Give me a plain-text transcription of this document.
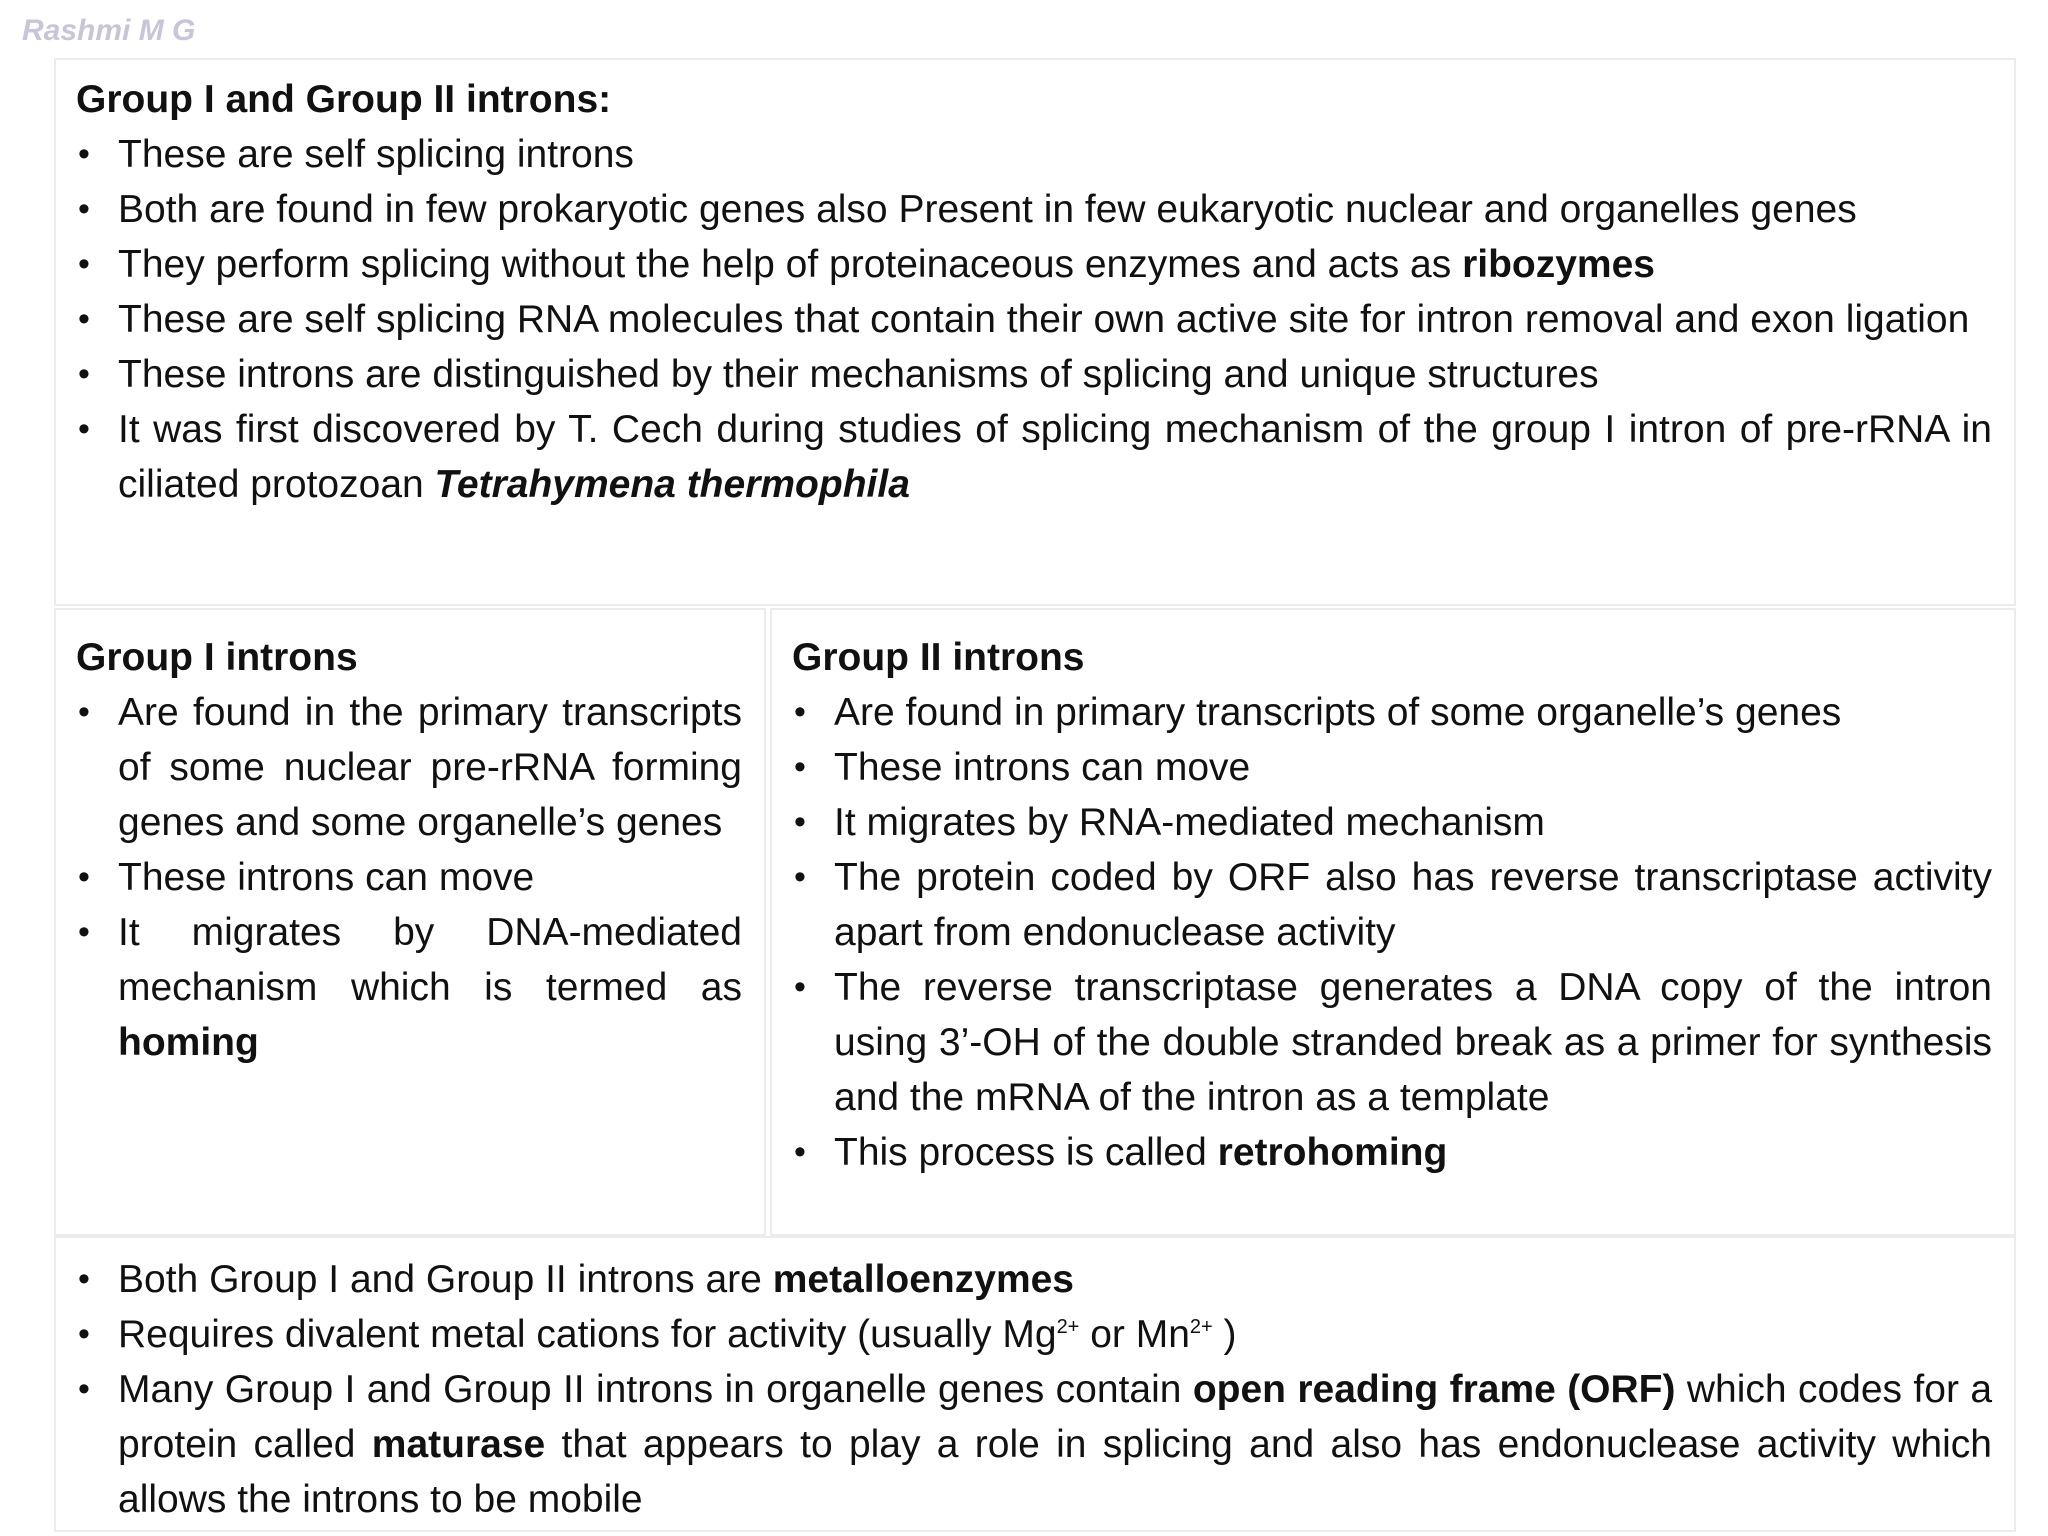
Rashmi M G

Group I and Group II introns:

• These are self splicing introns
• Both are found in few prokaryotic genes also Present in few eukaryotic nuclear and organelles genes
• They perform splicing without the help of proteinaceous enzymes and acts as ribozymes
• These are self splicing RNA molecules that contain their own active site for intron removal and exon ligation
• These introns are distinguished by their mechanisms of splicing and unique structures
• It was first discovered by T. Cech during studies of splicing mechanism of the group I intron of pre-rRNA in ciliated protozoan Tetrahymena thermophila

Group I introns

• Are found in the primary transcripts of some nuclear pre-rRNA forming genes and some organelle’s genes
• These introns can move
• It migrates by DNA-mediated mechanism which is termed as homing

Group II introns

• Are found in primary transcripts of some organelle’s genes
• These introns can move
• It migrates by RNA-mediated mechanism
• The protein coded by ORF also has reverse transcriptase activity apart from endonuclease activity
• The reverse transcriptase generates a DNA copy of the intron using 3’-OH of the double stranded break as a primer for synthesis and the mRNA of the intron as a template
• This process is called retrohoming
• Both Group I and Group II introns are metalloenzymes
• Requires divalent metal cations for activity (usually $Mg^{2+}$ or $Mn^{2+}$ )
• Many Group I and Group II introns in organelle genes contain open reading frame (ORF) which codes for a protein called maturase that appears to play a role in splicing and also has endonuclease activity which allows the introns to be mobile
